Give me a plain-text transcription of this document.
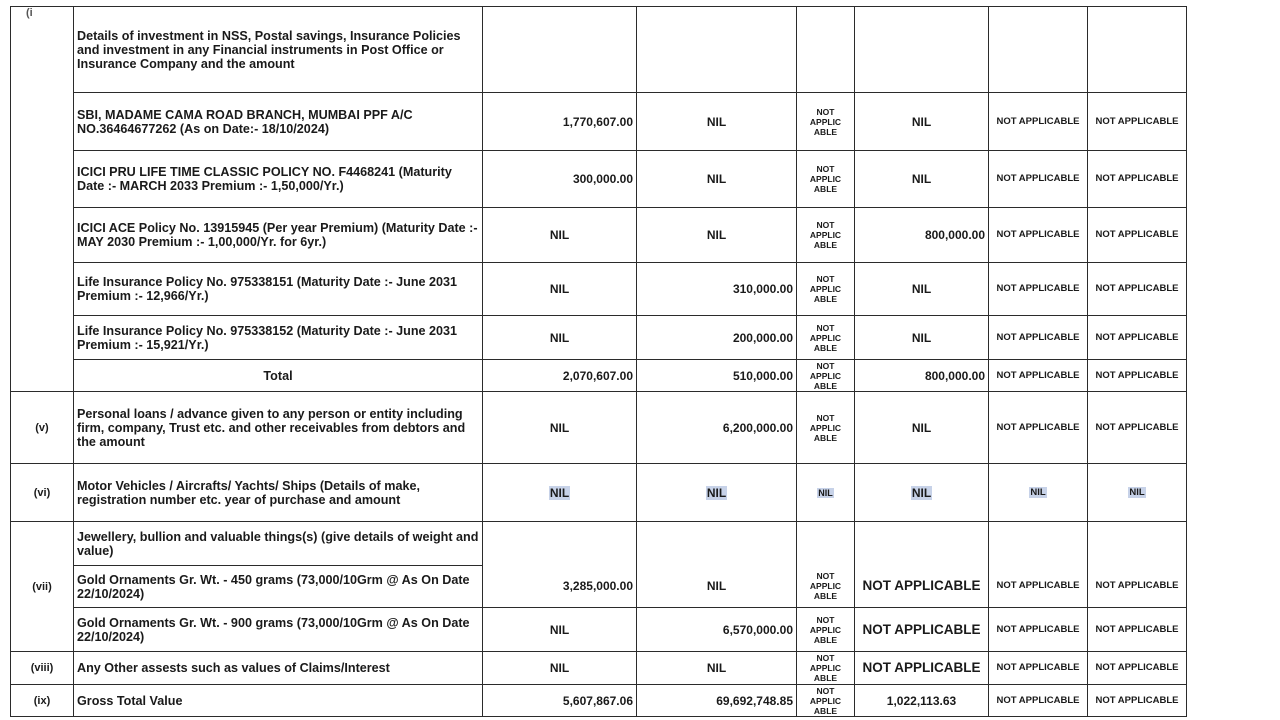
(i
	Details of investment in NSS, Postal savings, Insurance Policies and investment in any Financial instruments in Post Office or Insurance Company and the amount						
	SBI, MADAME CAMA ROAD BRANCH, MUMBAI PPF A/C NO.36464677262 (As on Date:- 18/10/2024)	1,770,607.00	NIL	NOT APPLIC ABLE	NIL	NOT APPLICABLE	NOT APPLICABLE
	ICICI PRU LIFE TIME CLASSIC POLICY NO. F4468241 (Maturity Date :- MARCH 2033 Premium :- 1,50,000/Yr.)	300,000.00	NIL	NOT APPLIC ABLE	NIL	NOT APPLICABLE	NOT APPLICABLE
	ICICI ACE Policy No. 13915945 (Per year Premium) (Maturity Date :- MAY 2030 Premium :- 1,00,000/Yr. for 6yr.)	NIL	NIL	NOT APPLIC ABLE	800,000.00	NOT APPLICABLE	NOT APPLICABLE
	Life Insurance Policy No. 975338151 (Maturity Date :- June 2031 Premium :- 12,966/Yr.)	NIL	310,000.00	NOT APPLIC ABLE	NIL	NOT APPLICABLE	NOT APPLICABLE
	Life Insurance Policy No. 975338152 (Maturity Date :- June 2031 Premium :- 15,921/Yr.)	NIL	200,000.00	NOT APPLIC ABLE	NIL	NOT APPLICABLE	NOT APPLICABLE
	Total	2,070,607.00	510,000.00	NOT APPLIC ABLE	800,000.00	NOT APPLICABLE	NOT APPLICABLE
(v)	Personal loans / advance given to any person or entity including firm, company, Trust etc. and other receivables from debtors and the amount	NIL	6,200,000.00	NOT APPLIC ABLE	NIL	NOT APPLICABLE	NOT APPLICABLE
(vi)	Motor Vehicles / Aircrafts/ Yachts/ Ships (Details of make, registration number etc. year of purchase and amount	NIL	NIL	NIL	NIL	NIL	NIL
(vii)	Jewellery, bullion and valuable things(s) (give details of weight and value)						
	Gold Ornaments Gr. Wt. - 450 grams (73,000/10Grm @ As On Date 22/10/2024)	3,285,000.00	NIL	NOT APPLIC ABLE	NOT APPLICABLE	NOT APPLICABLE	NOT APPLICABLE
	Gold Ornaments Gr. Wt. - 900 grams (73,000/10Grm @ As On Date 22/10/2024)	NIL	6,570,000.00	NOT APPLIC ABLE	NOT APPLICABLE	NOT APPLICABLE	NOT APPLICABLE
(viii)	Any Other assests such as values of Claims/Interest	NIL	NIL	NOT APPLIC ABLE	NOT APPLICABLE	NOT APPLICABLE	NOT APPLICABLE
(ix)	Gross Total Value	5,607,867.06	69,692,748.85	NOT APPLIC ABLE	1,022,113.63	NOT APPLICABLE	NOT APPLICABLE
